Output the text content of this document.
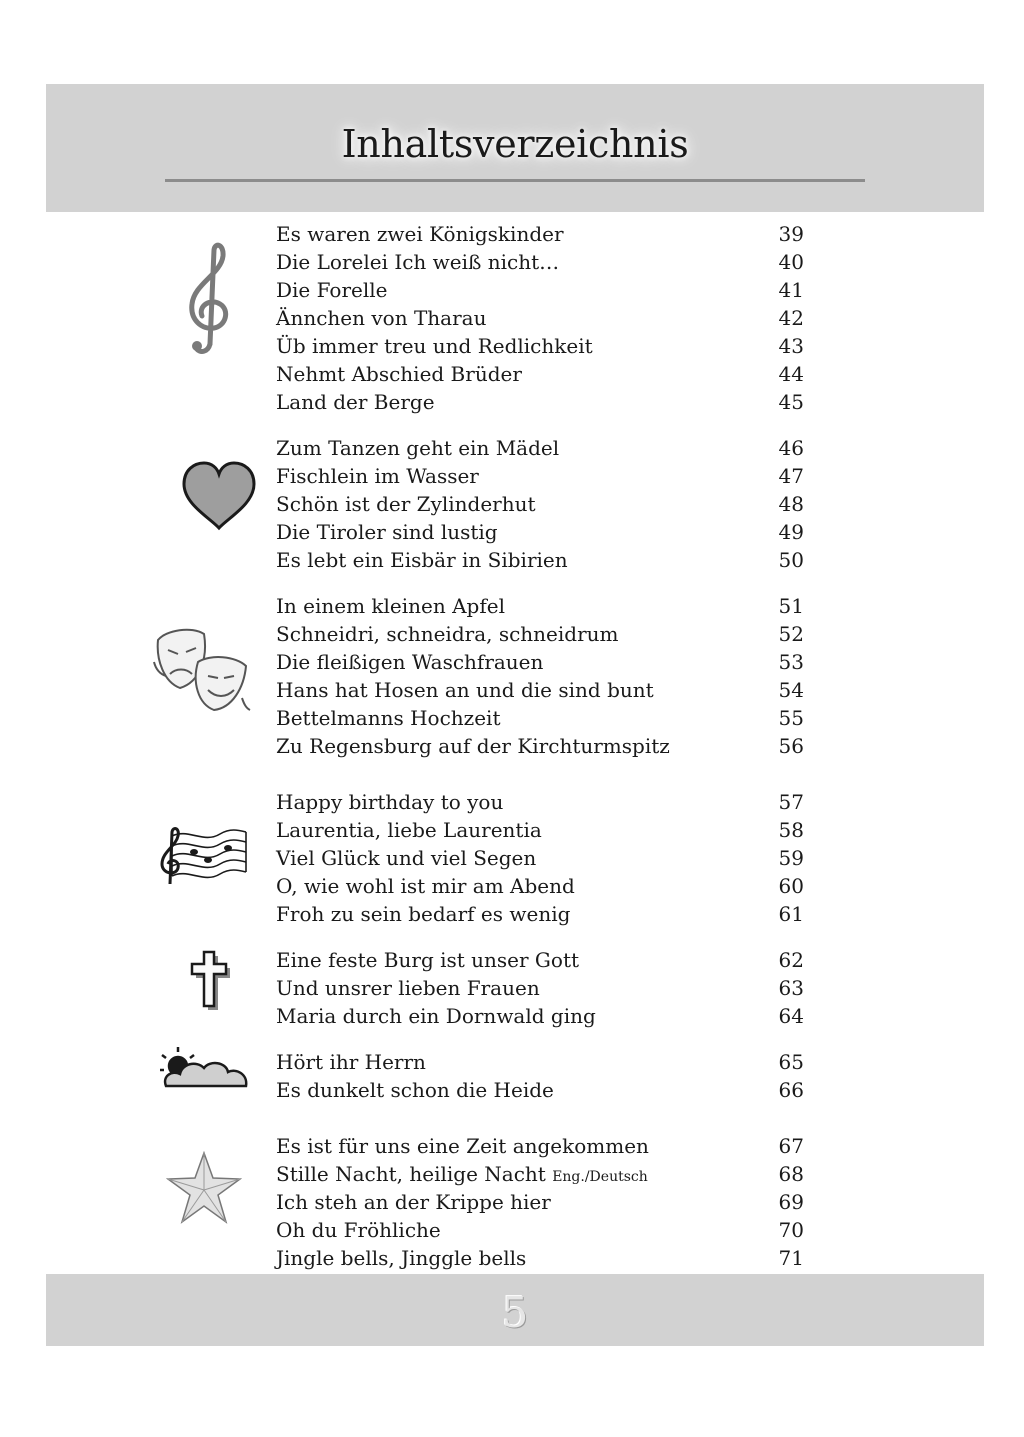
Inhaltsverzeichnis
Es waren zwei Königskinder	39
Die Lorelei Ich weiß nicht…	40
Die Forelle	41
Ännchen von Tharau	42
Üb immer treu und Redlichkeit	43
Nehmt Abschied Brüder	44
Land der Berge	45
Zum Tanzen geht ein Mädel	46
Fischlein im Wasser	47
Schön ist der Zylinderhut	48
Die Tiroler sind lustig	49
Es lebt ein Eisbär in Sibirien	50
In einem kleinen Apfel	51
Schneidri, schneidra, schneidrum	52
Die fleißigen Waschfrauen	53
Hans hat Hosen an und die sind bunt	54
Bettelmanns Hochzeit	55
Zu Regensburg auf der Kirchturmspitz	56
Happy birthday to you	57
Laurentia, liebe Laurentia	58
Viel Glück und viel Segen	59
O, wie wohl ist mir am Abend	60
Froh zu sein bedarf es wenig	61
Eine feste Burg ist unser Gott	62
Und unsrer lieben Frauen	63
Maria durch ein Dornwald ging	64
Hört ihr Herrn	65
Es dunkelt schon die Heide	66
Es ist für uns eine Zeit angekommen	67
Stille Nacht, heilige Nacht Eng./Deutsch	68
Ich steh an der Krippe hier	69
Oh du Fröhliche	70
Jingle bells, Jinggle bells	71
5
